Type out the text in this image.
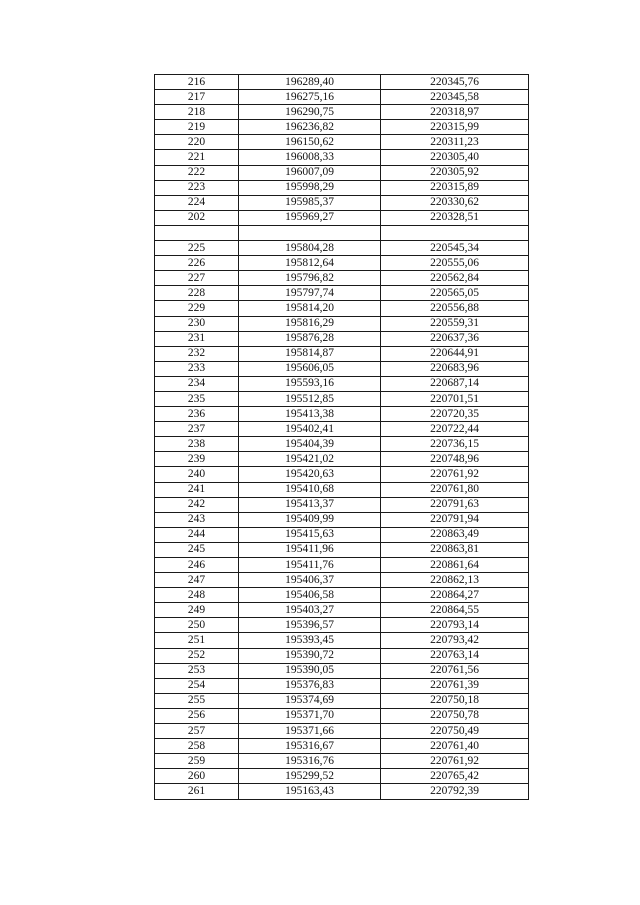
216	196289,40	220345,76
217	196275,16	220345,58
218	196290,75	220318,97
219	196236,82	220315,99
220	196150,62	220311,23
221	196008,33	220305,40
222	196007,09	220305,92
223	195998,29	220315,89
224	195985,37	220330,62
202	195969,27	220328,51

225	195804,28	220545,34
226	195812,64	220555,06
227	195796,82	220562,84
228	195797,74	220565,05
229	195814,20	220556,88
230	195816,29	220559,31
231	195876,28	220637,36
232	195814,87	220644,91
233	195606,05	220683,96
234	195593,16	220687,14
235	195512,85	220701,51
236	195413,38	220720,35
237	195402,41	220722,44
238	195404,39	220736,15
239	195421,02	220748,96
240	195420,63	220761,92
241	195410,68	220761,80
242	195413,37	220791,63
243	195409,99	220791,94
244	195415,63	220863,49
245	195411,96	220863,81
246	195411,76	220861,64
247	195406,37	220862,13
248	195406,58	220864,27
249	195403,27	220864,55
250	195396,57	220793,14
251	195393,45	220793,42
252	195390,72	220763,14
253	195390,05	220761,56
254	195376,83	220761,39
255	195374,69	220750,18
256	195371,70	220750,78
257	195371,66	220750,49
258	195316,67	220761,40
259	195316,76	220761,92
260	195299,52	220765,42
261	195163,43	220792,39
